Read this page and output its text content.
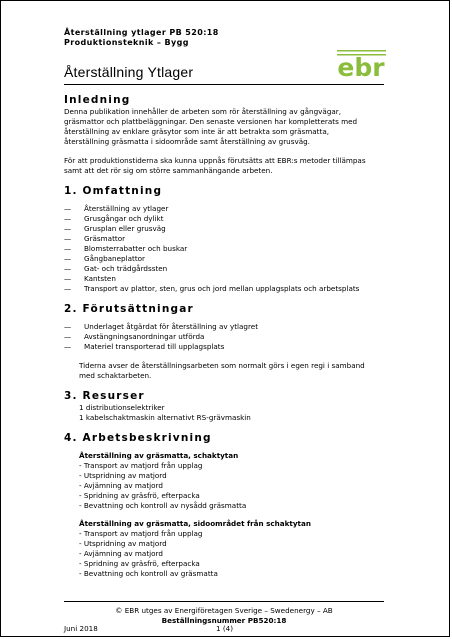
Återställning ytlager PB 520:18
Produktionsteknik – Bygg
ebr
Återställning Ytlager
Inledning

Denna publikation innehåller de arbeten som rör återställning av gångvägar,
gräsmattor och plattbeläggningar. Den senaste versionen har kompletterats med
återställning av enklare gräsytor som inte är att betrakta som gräsmatta,
återställning gräsmatta i sidoområde samt återställning av grusväg.

För att produktionstiderna ska kunna uppnås förutsätts att EBR:s metoder tillämpas
samt att det rör sig om större sammanhängande arbeten.

1. Omfattning
— Återställning av ytlager
— Grusgångar och dylikt
— Grusplan eller grusväg
— Gräsmattor
— Blomsterrabatter och buskar
— Gångbaneplattor
— Gat- och trädgårdssten
— Kantsten
— Transport av plattor, sten, grus och jord mellan upplagsplats och arbetsplats
2. Förutsättningar
— Underlaget åtgärdat för återställning av ytlagret
— Avstängningsanordningar utförda
— Materiel transporterad till upplagsplats

Tiderna avser de återställningsarbeten som normalt görs i egen regi i samband
med schaktarbeten.

3. Resurser

1 distributionselektriker
1 kabelschaktmaskin alternativt RS-grävmaskin

4. Arbetsbeskrivning
Återställning av gräsmatta, schaktytan
- Transport av matjord från upplag
- Utspridning av matjord
- Avjämning av matjord
- Spridning av gräsfrö, efterpacka
- Bevattning och kontroll av nysådd gräsmatta
Återställning av gräsmatta, sidoområdet från schaktytan
- Transport av matjord från upplag
- Utspridning av matjord
- Avjämning av matjord
- Spridning av gräsfrö, efterpacka
- Bevattning och kontroll av gräsmatta
© EBR utges av Energiföretagen Sverige – Swedenergy – AB
Beställningsnummer PB520:18
Juni 2018	1 (4)
